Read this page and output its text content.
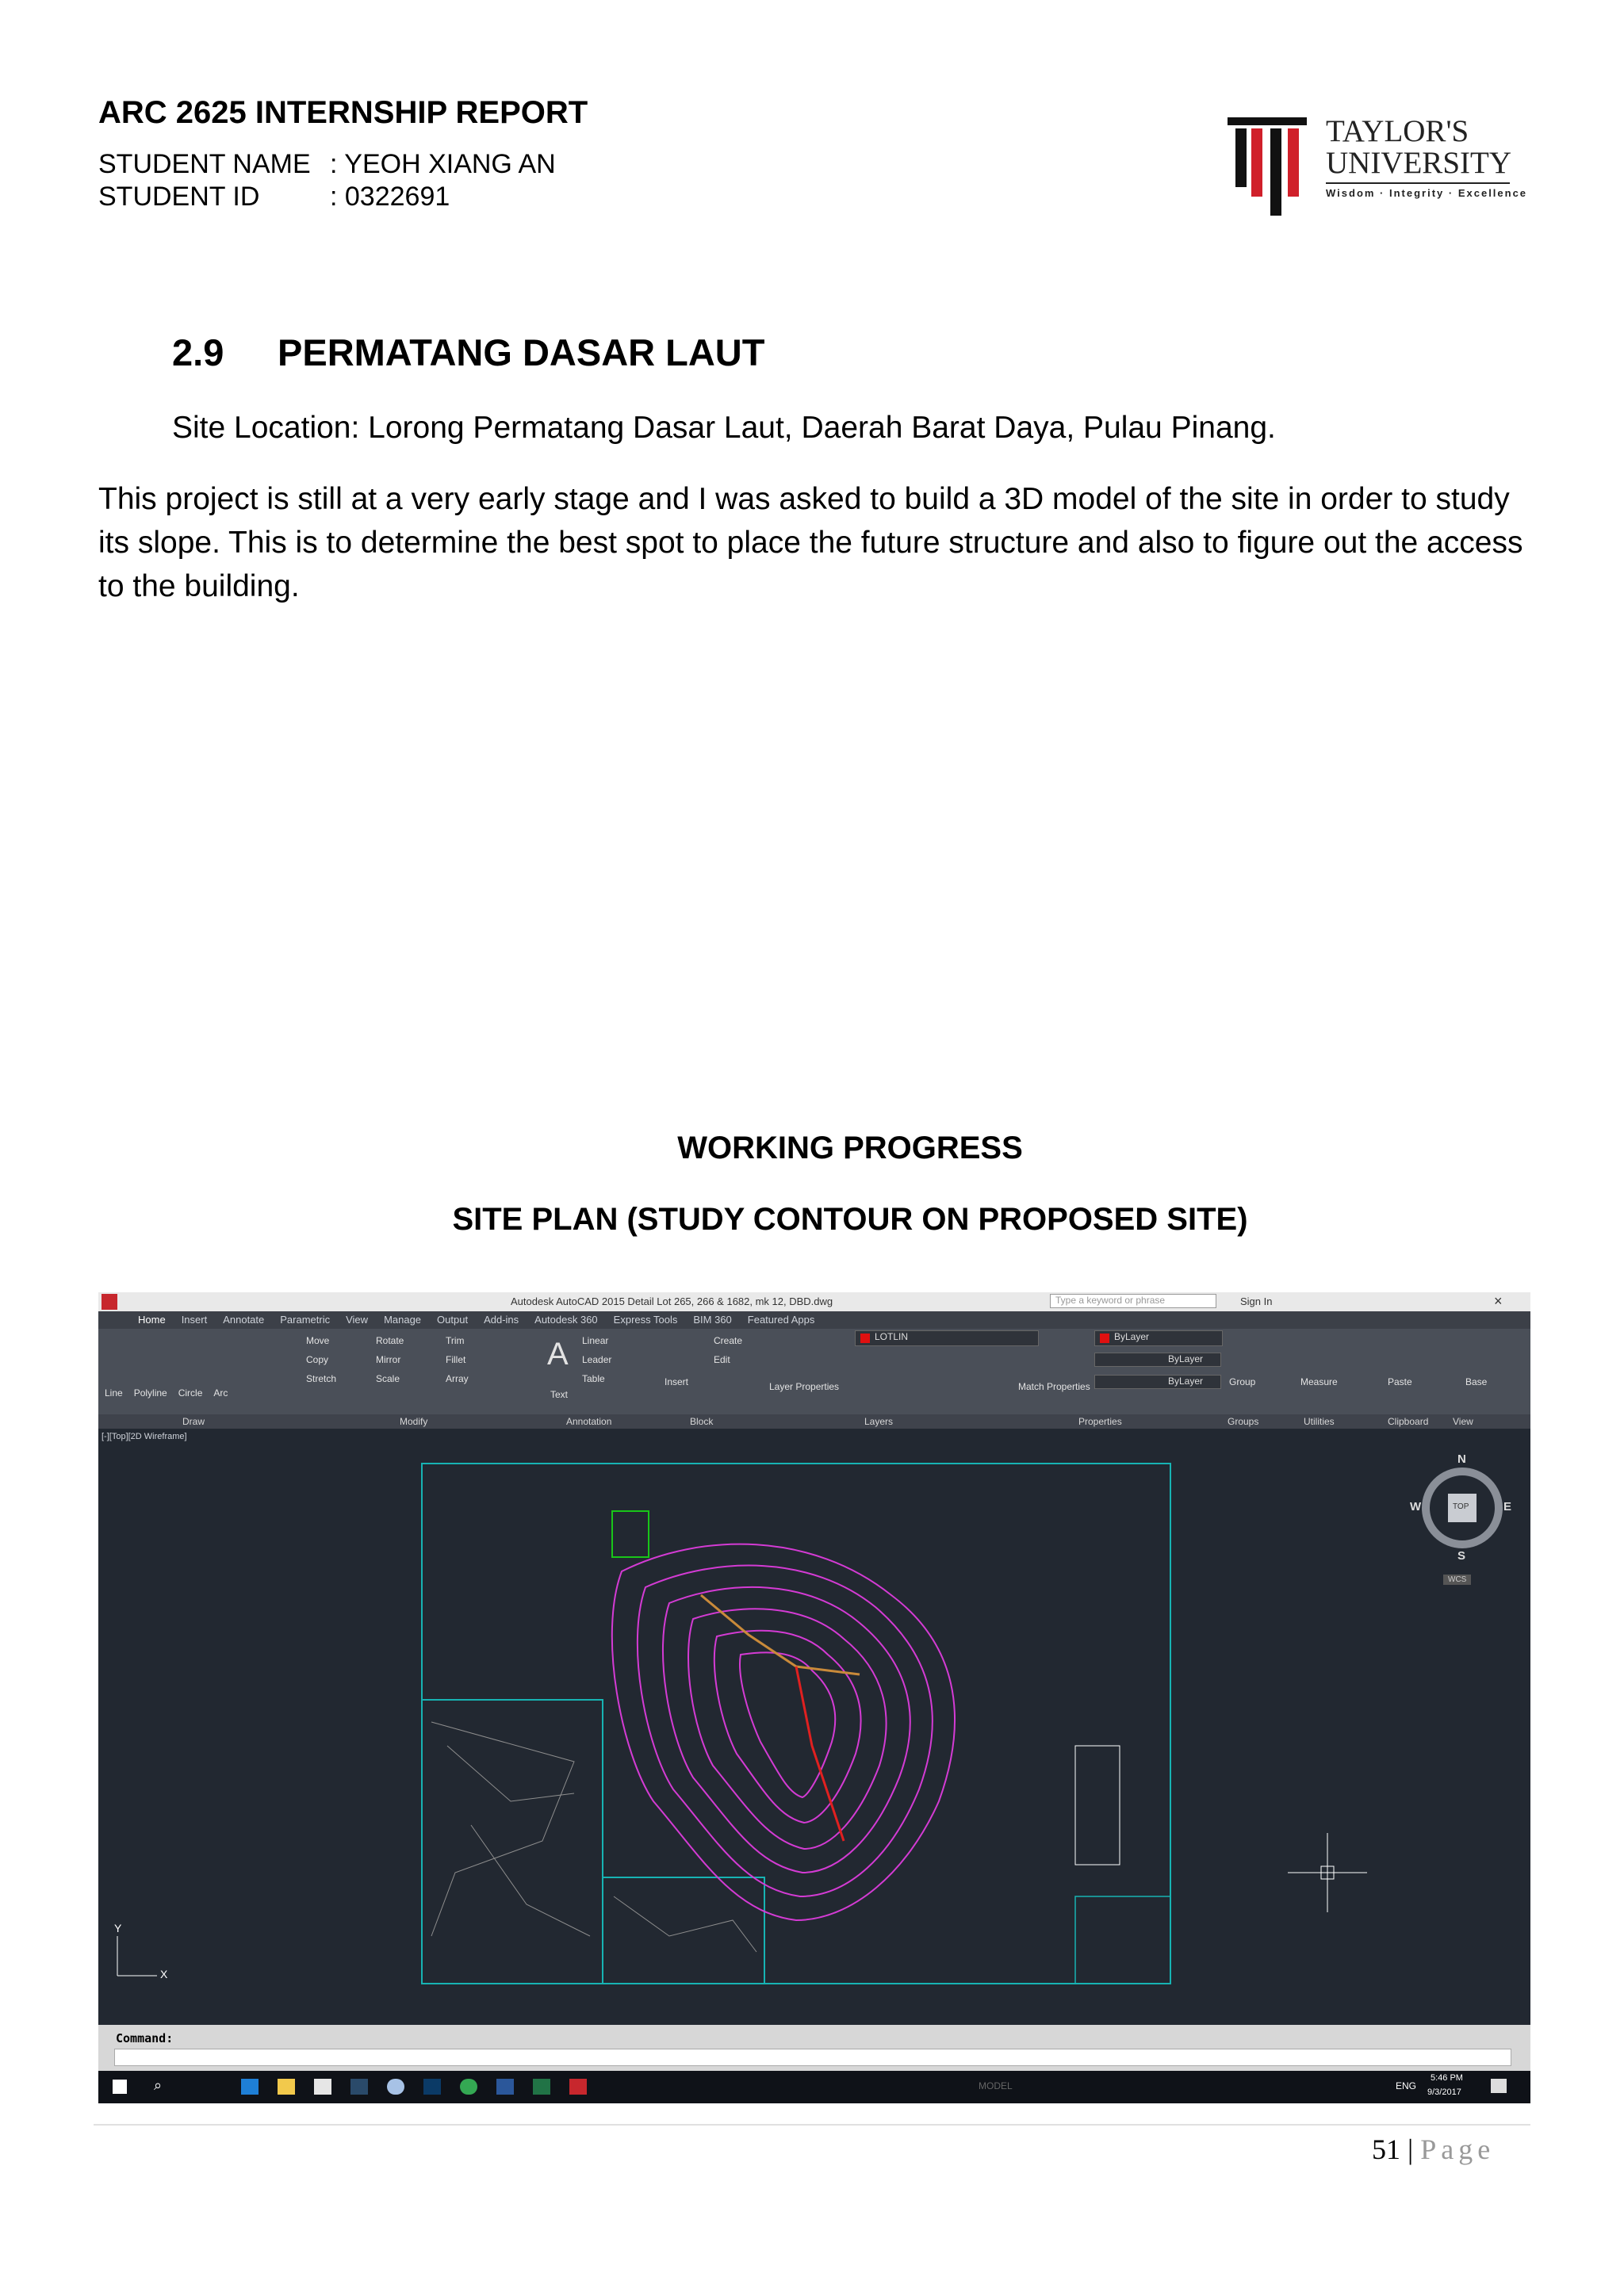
ARC 2625 INTERNSHIP REPORT
STUDENT NAME : YEOH XIANG AN
STUDENT ID	: 0322691
TAYLOR'S
UNIVERSITY
Wisdom · Integrity · Excellence
2.9 PERMATANG DASAR LAUT
Site Location: Lorong Permatang Dasar Laut, Daerah Barat Daya, Pulau Pinang.
This project is still at a very early stage and I was asked to build a 3D model of the site in order to study its slope. This is to determine the best spot to place the future structure and also to figure out the access to the building.
WORKING PROGRESS
SITE PLAN (STUDY CONTOUR ON PROPOSED SITE)
Autodesk AutoCAD 2015 Detail Lot 265, 266 & 1682, mk 12, DBD.dwg	Type a keyword or phrase	Sign In	×
Home Insert Annotate Parametric View Manage Output Add-ins Autodesk 360 Express Tools BIM 360 Featured Apps
Line Polyline Circle Arc
Move	Rotate	Trim
Copy	Mirror	Fillet
Stretch	Scale	Array
A
Text
Linear
Leader
Table	Insert
Create
Edit
Layer Properties
LOTLIN
Match Properties
ByLayer
ByLayer
ByLayer	Group	Measure	Paste	Base
Draw	Modify	Annotation	Block	Layers	Properties	Groups	Utilities	Clipboard	View
[-][Top][2D Wireframe]
Y
X
N
S
E
W	TOP
WCS
Command:
⌕	MODEL	ENG
5:46 PM
9/3/2017
51 | Page
